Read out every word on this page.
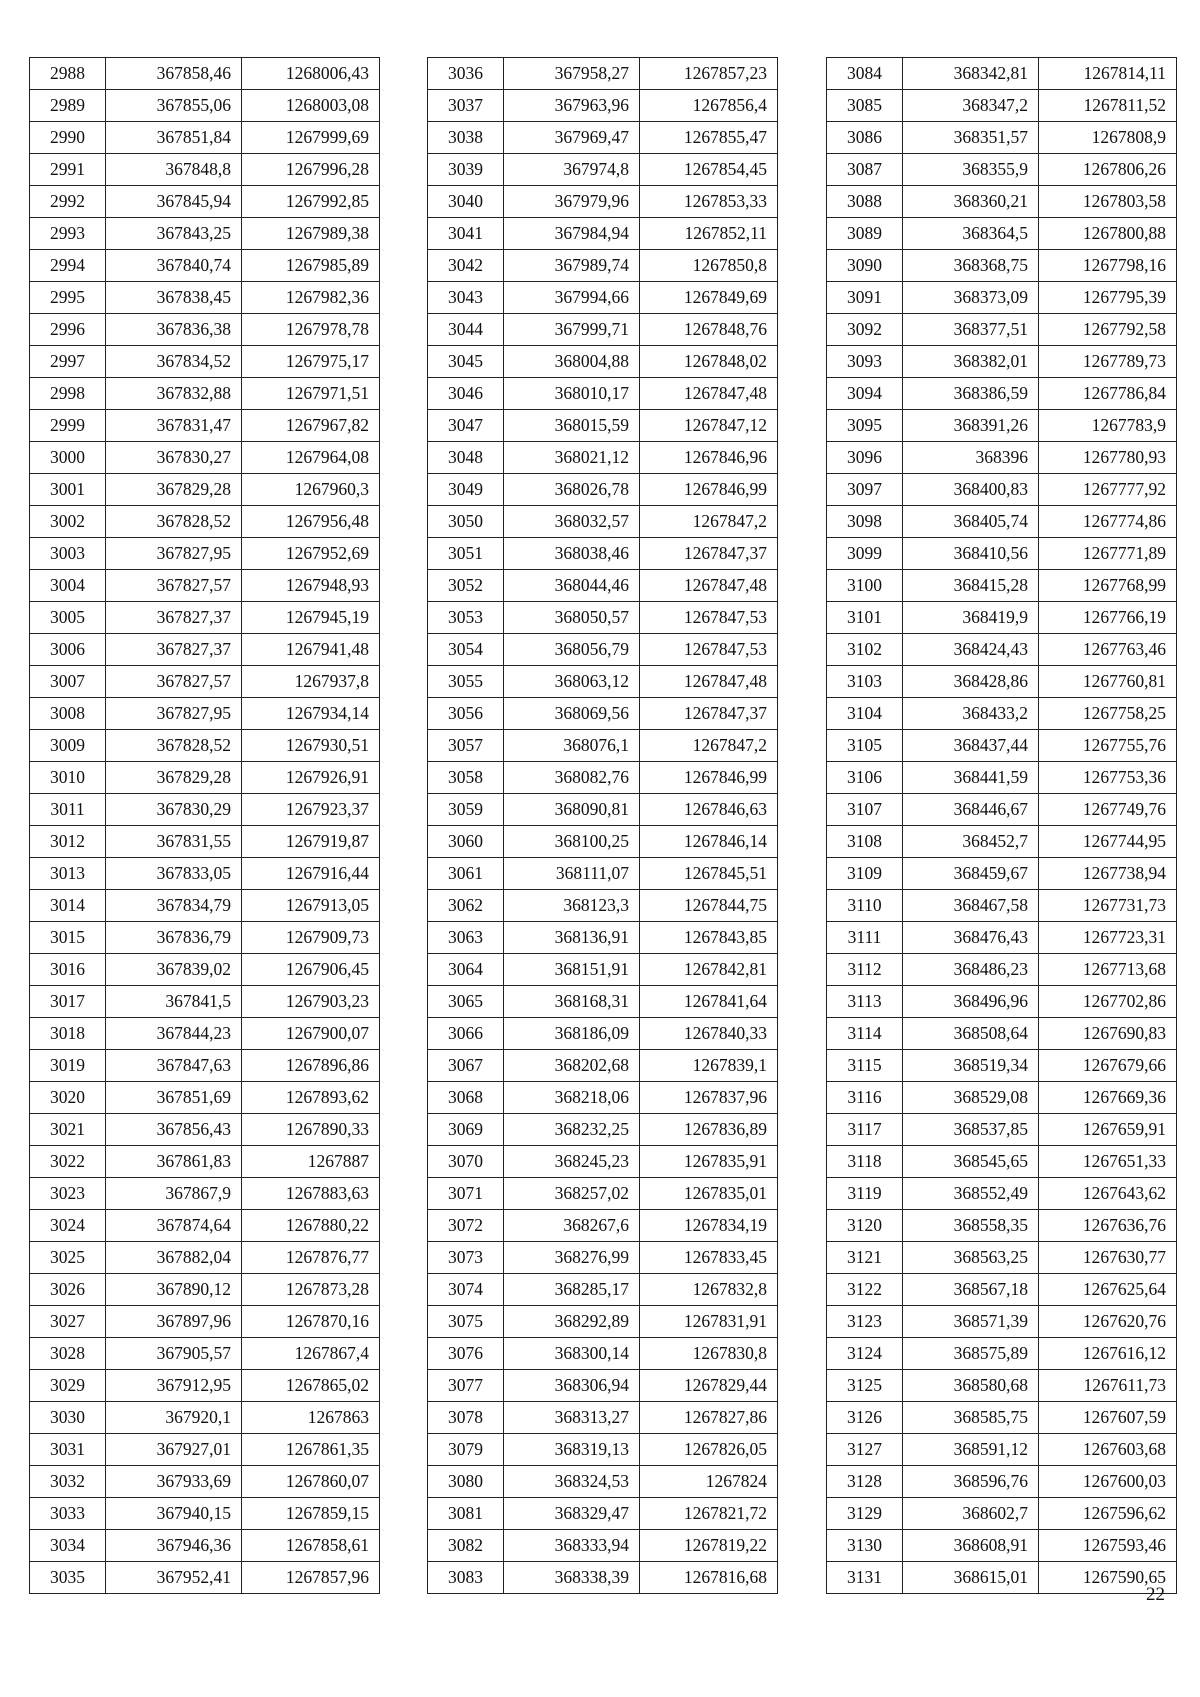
2988	367858,46	1268006,43
2989	367855,06	1268003,08
2990	367851,84	1267999,69
2991	367848,8	1267996,28
2992	367845,94	1267992,85
2993	367843,25	1267989,38
2994	367840,74	1267985,89
2995	367838,45	1267982,36
2996	367836,38	1267978,78
2997	367834,52	1267975,17
2998	367832,88	1267971,51
2999	367831,47	1267967,82
3000	367830,27	1267964,08
3001	367829,28	1267960,3
3002	367828,52	1267956,48
3003	367827,95	1267952,69
3004	367827,57	1267948,93
3005	367827,37	1267945,19
3006	367827,37	1267941,48
3007	367827,57	1267937,8
3008	367827,95	1267934,14
3009	367828,52	1267930,51
3010	367829,28	1267926,91
3011	367830,29	1267923,37
3012	367831,55	1267919,87
3013	367833,05	1267916,44
3014	367834,79	1267913,05
3015	367836,79	1267909,73
3016	367839,02	1267906,45
3017	367841,5	1267903,23
3018	367844,23	1267900,07
3019	367847,63	1267896,86
3020	367851,69	1267893,62
3021	367856,43	1267890,33
3022	367861,83	1267887
3023	367867,9	1267883,63
3024	367874,64	1267880,22
3025	367882,04	1267876,77
3026	367890,12	1267873,28
3027	367897,96	1267870,16
3028	367905,57	1267867,4
3029	367912,95	1267865,02
3030	367920,1	1267863
3031	367927,01	1267861,35
3032	367933,69	1267860,07
3033	367940,15	1267859,15
3034	367946,36	1267858,61
3035	367952,41	1267857,96
3036	367958,27	1267857,23
3037	367963,96	1267856,4
3038	367969,47	1267855,47
3039	367974,8	1267854,45
3040	367979,96	1267853,33
3041	367984,94	1267852,11
3042	367989,74	1267850,8
3043	367994,66	1267849,69
3044	367999,71	1267848,76
3045	368004,88	1267848,02
3046	368010,17	1267847,48
3047	368015,59	1267847,12
3048	368021,12	1267846,96
3049	368026,78	1267846,99
3050	368032,57	1267847,2
3051	368038,46	1267847,37
3052	368044,46	1267847,48
3053	368050,57	1267847,53
3054	368056,79	1267847,53
3055	368063,12	1267847,48
3056	368069,56	1267847,37
3057	368076,1	1267847,2
3058	368082,76	1267846,99
3059	368090,81	1267846,63
3060	368100,25	1267846,14
3061	368111,07	1267845,51
3062	368123,3	1267844,75
3063	368136,91	1267843,85
3064	368151,91	1267842,81
3065	368168,31	1267841,64
3066	368186,09	1267840,33
3067	368202,68	1267839,1
3068	368218,06	1267837,96
3069	368232,25	1267836,89
3070	368245,23	1267835,91
3071	368257,02	1267835,01
3072	368267,6	1267834,19
3073	368276,99	1267833,45
3074	368285,17	1267832,8
3075	368292,89	1267831,91
3076	368300,14	1267830,8
3077	368306,94	1267829,44
3078	368313,27	1267827,86
3079	368319,13	1267826,05
3080	368324,53	1267824
3081	368329,47	1267821,72
3082	368333,94	1267819,22
3083	368338,39	1267816,68
3084	368342,81	1267814,11
3085	368347,2	1267811,52
3086	368351,57	1267808,9
3087	368355,9	1267806,26
3088	368360,21	1267803,58
3089	368364,5	1267800,88
3090	368368,75	1267798,16
3091	368373,09	1267795,39
3092	368377,51	1267792,58
3093	368382,01	1267789,73
3094	368386,59	1267786,84
3095	368391,26	1267783,9
3096	368396	1267780,93
3097	368400,83	1267777,92
3098	368405,74	1267774,86
3099	368410,56	1267771,89
3100	368415,28	1267768,99
3101	368419,9	1267766,19
3102	368424,43	1267763,46
3103	368428,86	1267760,81
3104	368433,2	1267758,25
3105	368437,44	1267755,76
3106	368441,59	1267753,36
3107	368446,67	1267749,76
3108	368452,7	1267744,95
3109	368459,67	1267738,94
3110	368467,58	1267731,73
3111	368476,43	1267723,31
3112	368486,23	1267713,68
3113	368496,96	1267702,86
3114	368508,64	1267690,83
3115	368519,34	1267679,66
3116	368529,08	1267669,36
3117	368537,85	1267659,91
3118	368545,65	1267651,33
3119	368552,49	1267643,62
3120	368558,35	1267636,76
3121	368563,25	1267630,77
3122	368567,18	1267625,64
3123	368571,39	1267620,76
3124	368575,89	1267616,12
3125	368580,68	1267611,73
3126	368585,75	1267607,59
3127	368591,12	1267603,68
3128	368596,76	1267600,03
3129	368602,7	1267596,62
3130	368608,91	1267593,46
3131	368615,01	1267590,65
22
